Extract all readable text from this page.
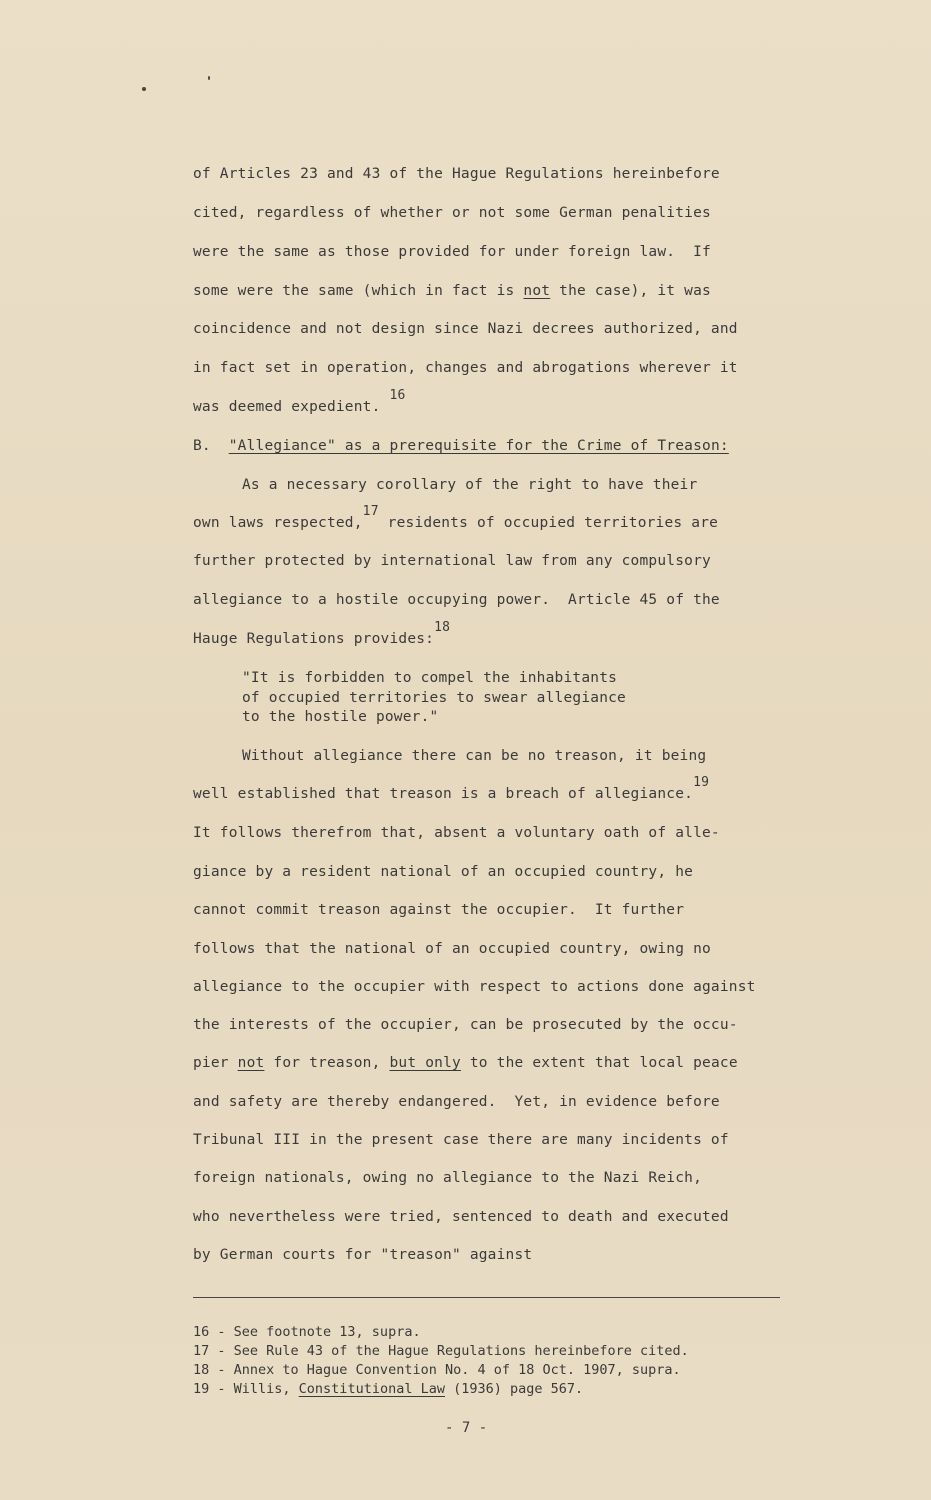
of Articles 23 and 43 of the Hague Regulations hereinbefore
cited, regardless of whether or not some German penalities
were the same as those provided for under foreign law.  If
some were the same (which in fact is not the case), it was
coincidence and not design since Nazi decrees authorized, and
in fact set in operation, changes and abrogations wherever it
was deemed expedient. 16
B.  "Allegiance" as a prerequisite for the Crime of Treason:
As a necessary corollary of the right to have their
own laws respected,17 residents of occupied territories are
further protected by international law from any compulsory
allegiance to a hostile occupying power.  Article 45 of the
Hauge Regulations provides:18
"It is forbidden to compel the inhabitants
of occupied territories to swear allegiance
to the hostile power."
Without allegiance there can be no treason, it being
well established that treason is a breach of allegiance.19
It follows therefrom that, absent a voluntary oath of alle-
giance by a resident national of an occupied country, he
cannot commit treason against the occupier.  It further
follows that the national of an occupied country, owing no
allegiance to the occupier with respect to actions done against
the interests of the occupier, can be prosecuted by the occu-
pier not for treason, but only to the extent that local peace
and safety are thereby endangered.  Yet, in evidence before
Tribunal III in the present case there are many incidents of
foreign nationals, owing no allegiance to the Nazi Reich,
who nevertheless were tried, sentenced to death and executed
by German courts for "treason" against
16 - See footnote 13, supra.
17 - See Rule 43 of the Hague Regulations hereinbefore cited.
18 - Annex to Hague Convention No. 4 of 18 Oct. 1907, supra.
19 - Willis, Constitutional Law (1936) page 567.
- 7 -
